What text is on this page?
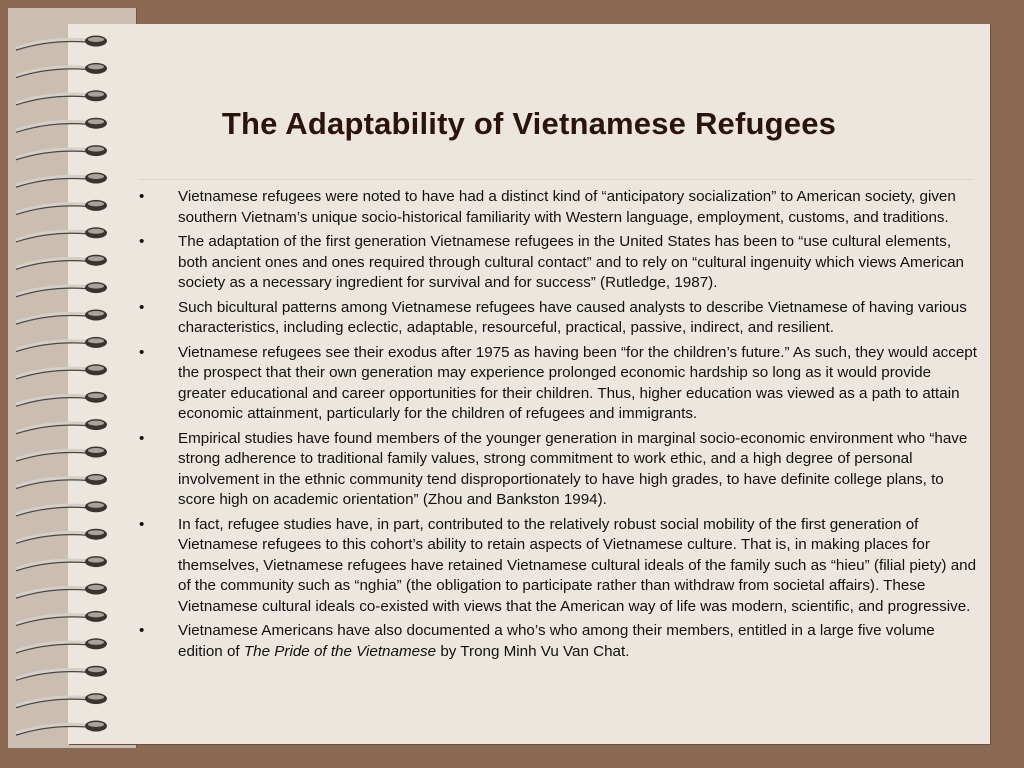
The Adaptability of Vietnamese Refugees
• Vietnamese refugees were noted to have had a distinct kind of “anticipatory socialization” to American society, given southern Vietnam’s unique socio-historical familiarity with Western language, employment, customs, and traditions.
• The adaptation of the first generation Vietnamese refugees in the United States has been to “use cultural elements, both ancient ones and ones required through cultural contact” and to rely on “cultural ingenuity which views American society as a necessary ingredient for survival and for success” (Rutledge, 1987).
• Such bicultural patterns among Vietnamese refugees have caused analysts to describe Vietnamese of having various characteristics, including eclectic, adaptable, resourceful, practical, passive, indirect, and resilient.
• Vietnamese refugees see their exodus after 1975 as having been “for the children’s future.” As such, they would accept the prospect that their own generation may experience prolonged economic hardship so long as it would provide greater educational and career opportunities for their children. Thus, higher education was viewed as a path to attain economic attainment, particularly for the children of refugees and immigrants.
• Empirical studies have found members of the younger generation in marginal socio-economic environment who “have strong adherence to traditional family values, strong commitment to work ethic, and a high degree of personal involvement in the ethnic community tend disproportionately to have high grades, to have definite college plans, to score high on academic orientation” (Zhou and Bankston 1994).
• In fact, refugee studies have, in part, contributed to the relatively robust social mobility of the first generation of Vietnamese refugees to this cohort’s ability to retain aspects of Vietnamese culture. That is, in making places for themselves, Vietnamese refugees have retained Vietnamese cultural ideals of the family such as “hieu” (filial piety) and of the community such as “nghia” (the obligation to participate rather than withdraw from societal affairs). These Vietnamese cultural ideals co-existed with views that the American way of life was modern, scientific, and progressive.
• Vietnamese Americans have also documented a who’s who among their members, entitled in a large five volume edition of The Pride of the Vietnamese by Trong Minh Vu Van Chat.
